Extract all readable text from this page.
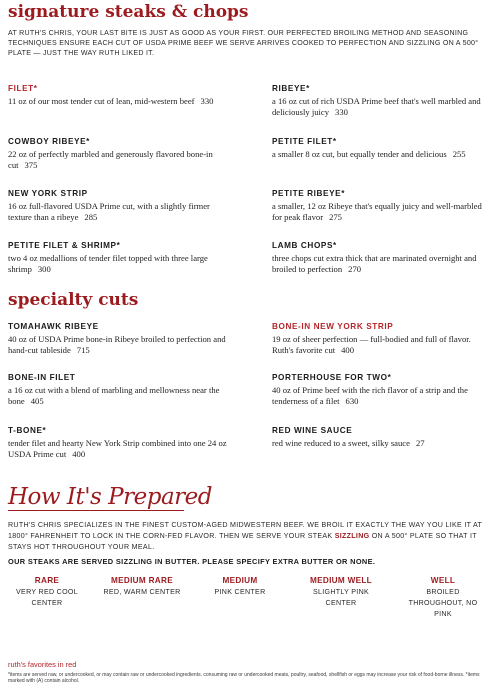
signature steaks & chops
AT RUTH'S CHRIS, YOUR LAST BITE IS JUST AS GOOD AS YOUR FIRST. OUR PERFECTED BROILING METHOD AND SEASONING TECHNIQUES ENSURE EACH CUT OF USDA PRIME BEEF WE SERVE ARRIVES COOKED TO PERFECTION AND SIZZLING ON A 500° PLATE — JUST THE WAY RUTH LIKED IT.
FILET*
11 oz of our most tender cut of lean, mid-western beef 330
RIBEYE*
a 16 oz cut of rich USDA Prime beef that's well marbled and deliciously juicy 330
COWBOY RIBEYE*
22 oz of perfectly marbled and generously flavored bone-in cut 375
PETITE FILET*
a smaller 8 oz cut, but equally tender and delicious 255
NEW YORK STRIP
16 oz full-flavored USDA Prime cut, with a slightly firmer texture than a ribeye 285
PETITE RIBEYE*
a smaller, 12 oz Ribeye that's equally juicy and well-marbled for peak flavor 275
PETITE FILET & SHRIMP*
two 4 oz medallions of tender filet topped with three large shrimp 300
LAMB CHOPS*
three chops cut extra thick that are marinated overnight and broiled to perfection 270
specialty cuts
TOMAHAWK RIBEYE
40 oz of USDA Prime bone-in Ribeye broiled to perfection and hand-cut tableside 715
BONE-IN NEW YORK STRIP
19 oz of sheer perfection — full-bodied and full of flavor. Ruth's favorite cut 400
BONE-IN FILET
a 16 oz cut with a blend of marbling and mellowness near the bone 405
PORTERHOUSE FOR TWO*
40 oz of Prime beef with the rich flavor of a strip and the tenderness of a filet 630
T-BONE*
tender filet and hearty New York Strip combined into one 24 oz USDA Prime cut 400
RED WINE SAUCE
red wine reduced to a sweet, silky sauce 27
How It's Prepared
RUTH'S CHRIS SPECIALIZES IN THE FINEST CUSTOM-AGED MIDWESTERN BEEF. WE BROIL IT EXACTLY THE WAY YOU LIKE IT AT 1800° FAHRENHEIT TO LOCK IN THE CORN-FED FLAVOR. THEN WE SERVE YOUR STEAK SIZZLING ON A 500° PLATE SO THAT IT STAYS HOT THROUGHOUT YOUR MEAL.
OUR STEAKS ARE SERVED SIZZLING IN BUTTER. PLEASE SPECIFY EXTRA BUTTER OR NONE.
RARE
VERY RED COOL CENTER
MEDIUM RARE
RED, WARM CENTER
MEDIUM
PINK CENTER
MEDIUM WELL
SLIGHTLY PINK CENTER
WELL
BROILED THROUGHOUT, NO PINK
ruth's favorites in red
*items are served raw, or undercooked, or may contain raw or undercooked ingredients. consuming raw or undercooked meats, poultry, seafood, shellfish or eggs may increase your risk of food-borne illness. *items marked with (A) contain alcohol.
